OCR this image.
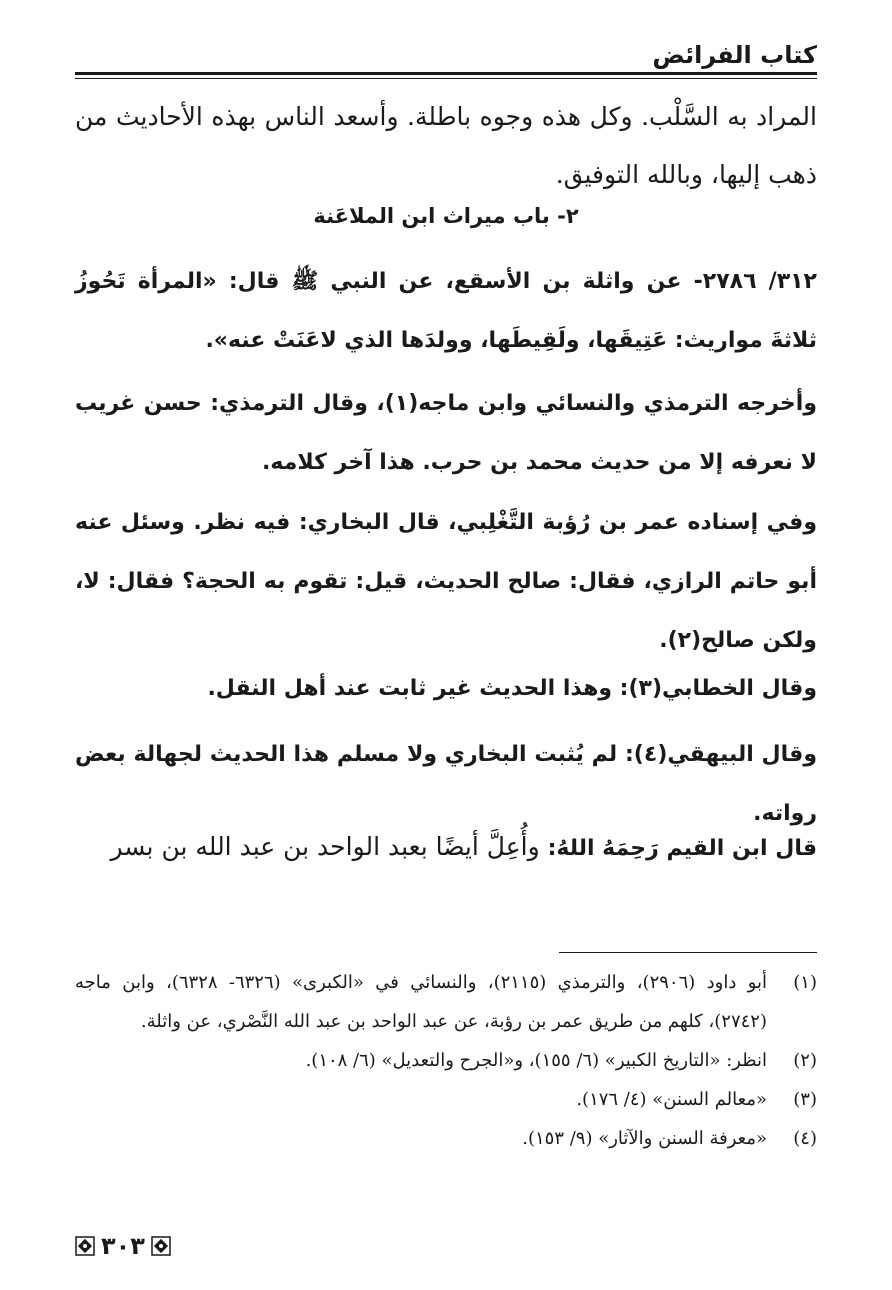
كتاب الفرائض
المراد به السَّلْب. وكل هذه وجوه باطلة. وأسعد الناس بهذه الأحاديث من ذهب إليها، وبالله التوفيق.
٢- باب ميراث ابن الملاعَنة
٣١٢/ ٢٧٨٦- عن واثلة بن الأسقع، عن النبي ﷺ قال: «المرأة تَحُوزُ ثلاثةَ مواريث: عَتِيقَها، ولَقِيطَها، وولدَها الذي لاعَنَتْ عنه».
وأخرجه الترمذي والنسائي وابن ماجه(١)، وقال الترمذي: حسن غريب لا نعرفه إلا من حديث محمد بن حرب. هذا آخر كلامه.
وفي إسناده عمر بن رُؤبة التَّغْلِبي، قال البخاري: فيه نظر. وسئل عنه أبو حاتم الرازي، فقال: صالح الحديث، قيل: تقوم به الحجة؟ فقال: لا، ولكن صالح(٢).
وقال الخطابي(٣): وهذا الحديث غير ثابت عند أهل النقل.
وقال البيهقي(٤): لم يُثبت البخاري ولا مسلم هذا الحديث لجهالة بعض رواته.
قال ابن القيم رَحِمَهُ اللهُ: وأُعِلَّ أيضًا بعبد الواحد بن عبد الله بن بسر
(١)
أبو داود (٢٩٠٦)، والترمذي (٢١١٥)، والنسائي في «الكبرى» (٦٣٢٦- ٦٣٢٨)، وابن ماجه (٢٧٤٢)، كلهم من طريق عمر بن رؤبة، عن عبد الواحد بن عبد الله النَّصْري، عن واثلة.
(٢)
انظر: «التاريخ الكبير» (٦/ ١٥٥)، و«الجرح والتعديل» (٦/ ١٠٨).
(٣)
«معالم السنن» (٤/ ١٧٦).
(٤)
«معرفة السنن والآثار» (٩/ ١٥٣).
٣٠٣
